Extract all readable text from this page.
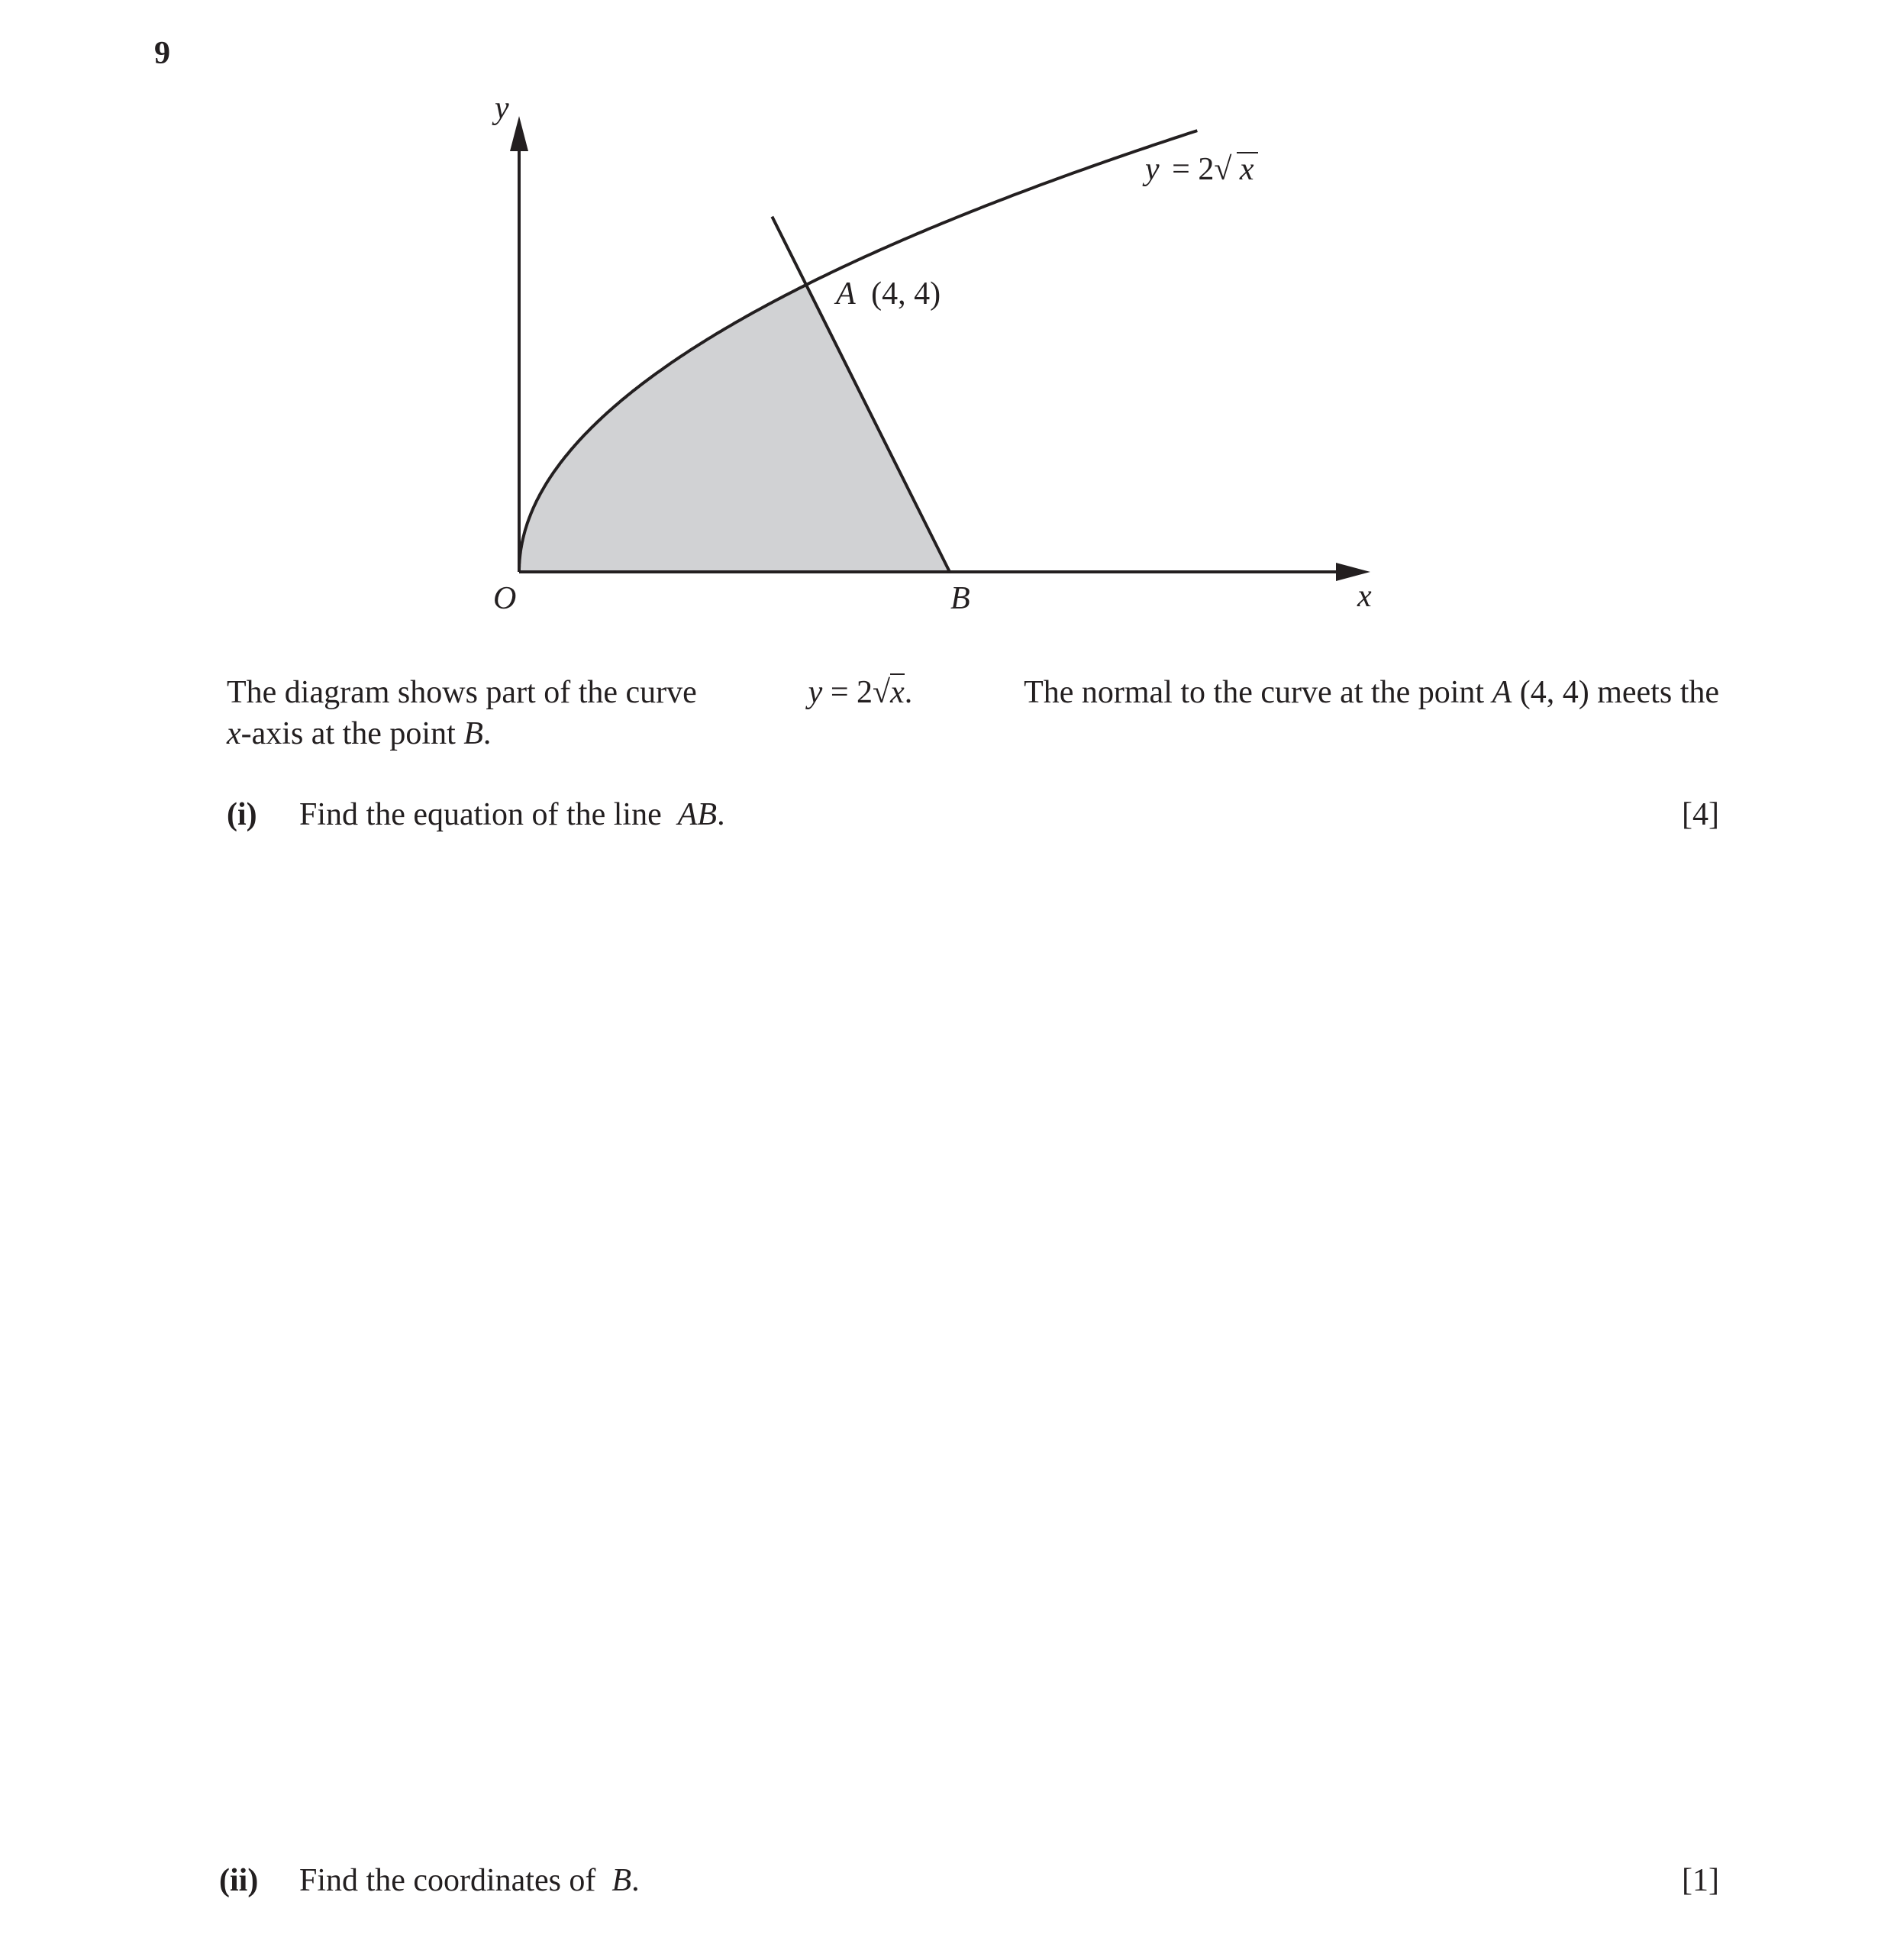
9
y
x
O	B
A (4, 4)
y = 2√ x
The diagram shows part of the curve	y = 2√x.	The normal to the curve at the point A (4, 4) meets the
x-axis at the point B.
(i) Find the equation of the line AB.	[4]
(ii) Find the coordinates of B.	[1]
